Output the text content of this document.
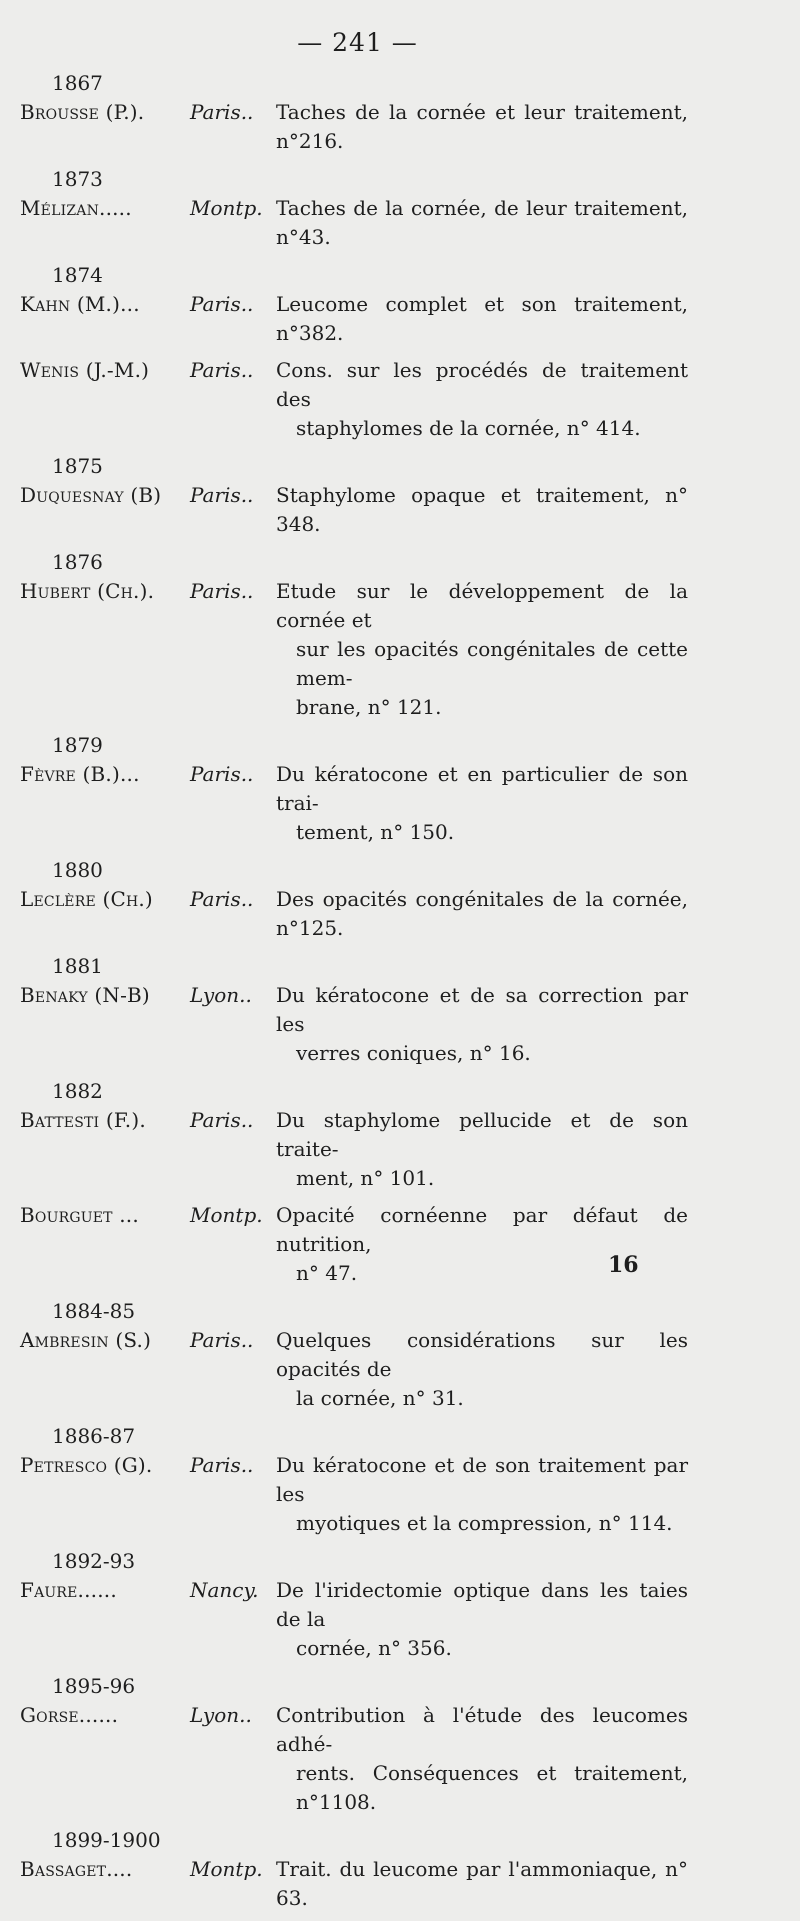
— 241 —
1867
Brousse (P.).	Paris..	Taches de la cornée et leur traitement, n°216.
1873
Mélizan.....	Montp. Taches de la cornée, de leur traitement, n°43.
1874
Kahn (M.)...	Paris..	Leucome complet et son traitement, n°382.
Wenis (J.-M.)	Paris..	Cons. sur les procédés de traitement des
staphylomes de la cornée, n° 414.
1875
Duquesnay (B)	Paris..	Staphylome opaque et traitement, n° 348.
1876
Hubert (Ch.).	Paris..	Etude sur le développement de la cornée et
sur les opacités congénitales de cette mem-
brane, n° 121.
1879
Fèvre (B.)...	Paris..	Du kératocone et en particulier de son trai-
tement, n° 150.
1880
Leclère (Ch.)	Paris..	Des opacités congénitales de la cornée, n°125.
1881
Benaky (N-B)	Lyon..	Du kératocone et de sa correction par les
verres coniques, n° 16.
1882
Battesti (F.).	Paris..	Du staphylome pellucide et de son traite-
ment, n° 101.
Bourguet ...	Montp. Opacité cornéenne par défaut de nutrition,
n° 47.
1884-85
Ambresin (S.)	Paris..	Quelques considérations sur les opacités de
la cornée, n° 31.
1886-87
Petresco (G).	Paris..	Du kératocone et de son traitement par les
myotiques et la compression, n° 114.
1892-93
Faure......	Nancy. De l'iridectomie optique dans les taies de la
cornée, n° 356.
1895-96
Gorse......	Lyon..	Contribution à l'étude des leucomes adhé-
rents. Conséquences et traitement, n°1108.
1899-1900
Bassaget....	Montp. Trait. du leucome par l'ammoniaque, n° 63.
16
